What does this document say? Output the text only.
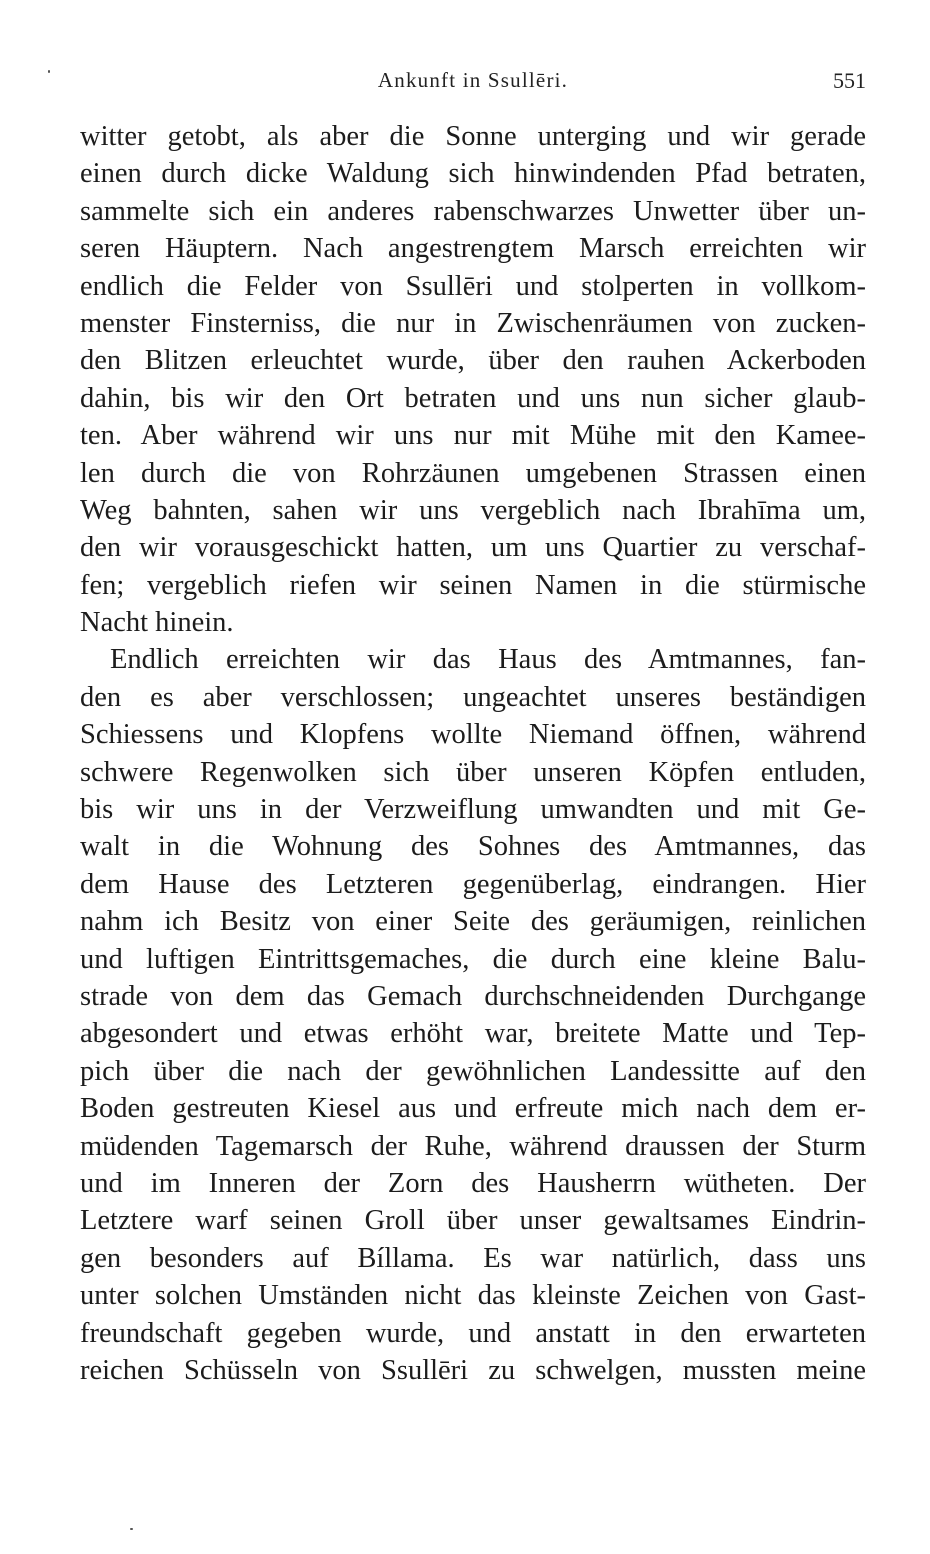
Ankunft in Ssullēri.	551
witter getobt, als aber die Sonne unterging und wir gerade
einen durch dicke Waldung sich hinwindenden Pfad betraten,
sammelte sich ein anderes rabenschwarzes Unwetter über un-
seren Häuptern. Nach angestrengtem Marsch erreichten wir
endlich die Felder von Ssullēri und stolperten in vollkom-
menster Finsterniss, die nur in Zwischenräumen von zucken-
den Blitzen erleuchtet wurde, über den rauhen Ackerboden
dahin, bis wir den Ort betraten und uns nun sicher glaub-
ten. Aber während wir uns nur mit Mühe mit den Kamee-
len durch die von Rohrzäunen umgebenen Strassen einen
Weg bahnten, sahen wir uns vergeblich nach Ibrahīma um,
den wir vorausgeschickt hatten, um uns Quartier zu verschaf-
fen; vergeblich riefen wir seinen Namen in die stürmische
Nacht hinein.
Endlich erreichten wir das Haus des Amtmannes, fan-
den es aber verschlossen; ungeachtet unseres beständigen
Schiessens und Klopfens wollte Niemand öffnen, während
schwere Regenwolken sich über unseren Köpfen entluden,
bis wir uns in der Verzweiflung umwandten und mit Ge-
walt in die Wohnung des Sohnes des Amtmannes, das
dem Hause des Letzteren gegenüberlag, eindrangen. Hier
nahm ich Besitz von einer Seite des geräumigen, reinlichen
und luftigen Eintrittsgemaches, die durch eine kleine Balu-
strade von dem das Gemach durchschneidenden Durchgange
abgesondert und etwas erhöht war, breitete Matte und Tep-
pich über die nach der gewöhnlichen Landessitte auf den
Boden gestreuten Kiesel aus und erfreute mich nach dem er-
müdenden Tagemarsch der Ruhe, während draussen der Sturm
und im Inneren der Zorn des Hausherrn wütheten. Der
Letztere warf seinen Groll über unser gewaltsames Eindrin-
gen besonders auf Bíllama. Es war natürlich, dass uns
unter solchen Umständen nicht das kleinste Zeichen von Gast-
freundschaft gegeben wurde, und anstatt in den erwarteten
reichen Schüsseln von Ssullēri zu schwelgen, mussten meine
